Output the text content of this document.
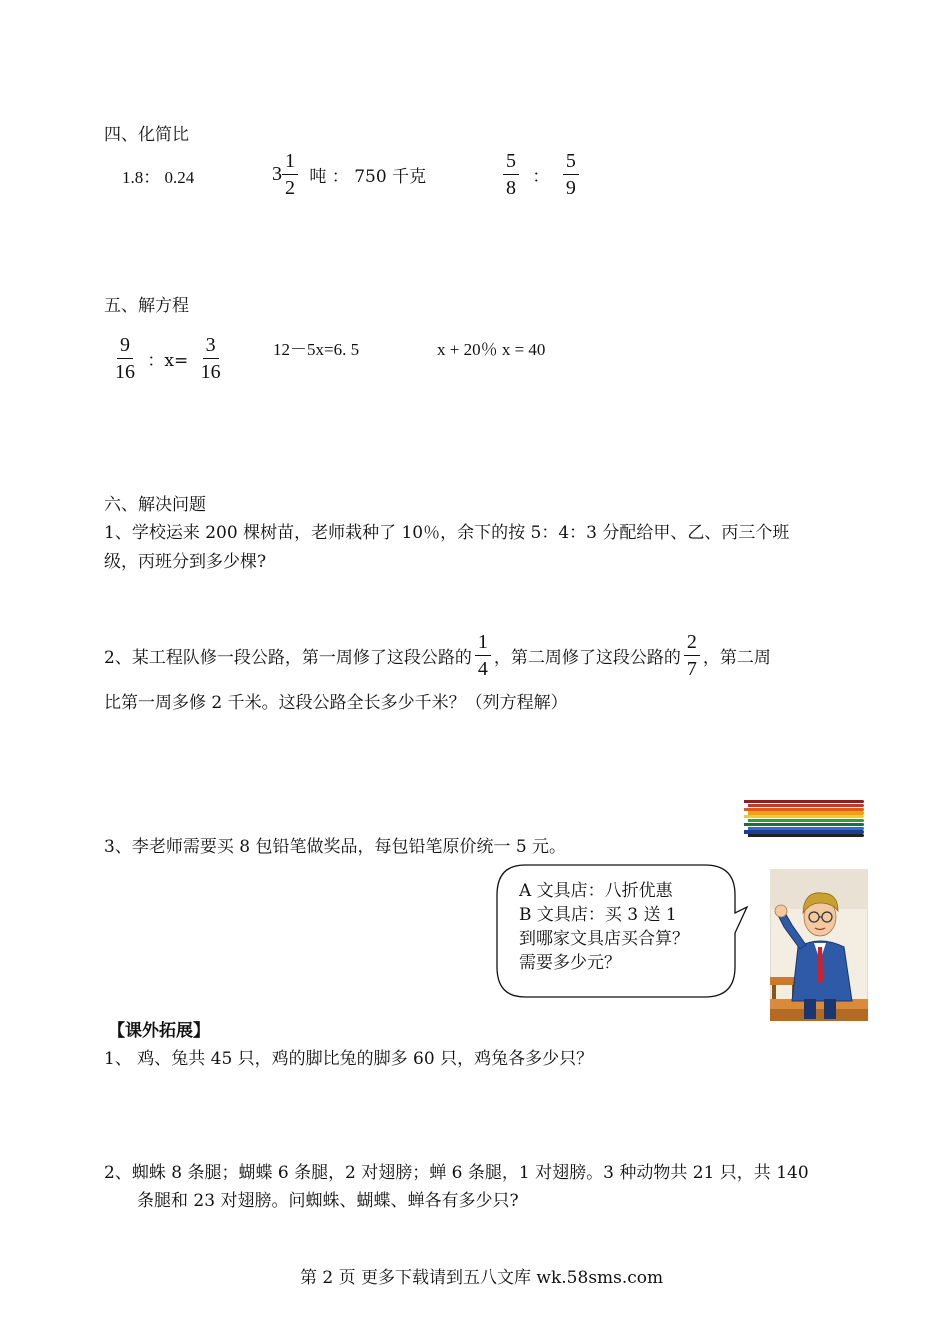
四、化简比
1.8： 0.24	$3 \frac{1}{2}$ 吨 ： 750 千克	$\frac{5}{8}$ ： $\frac{5}{9}$
五、解方程
$\frac{9}{16}$ ：$x= \frac{3}{16}$	12－5x=6. 5	x + 20％ x = 40
六、解决问题
1、学校运来 200 棵树苗，老师栽种了 10％，余下的按 5：4：3 分配给甲、乙、丙三个班
级，丙班分到多少棵?
2、某工程队修一段公路，第一周修了这段公路的 $\frac{1}{4}$ ，第二周修了这段公路的 $\frac{2}{7}$ ，第二周
比第一周多修 2 千米。这段公路全长多少千米？（列方程解）
3、李老师需要买 8 包铅笔做奖品，每包铅笔原价统一 5 元。
A 文具店：八折优惠
B 文具店：买 3 送 1
到哪家文具店买合算？
需要多少元？
【课外拓展】
1、 鸡、兔共 45 只，鸡的脚比兔的脚多 60 只，鸡兔各多少只？
2、蜘蛛 8 条腿；蝴蝶 6 条腿，2 对翅膀；蝉 6 条腿，1 对翅膀。3 种动物共 21 只，共 140
条腿和 23 对翅膀。问蜘蛛、蝴蝶、蝉各有多少只?
第 2 页 更多下载请到五八文库 wk.58sms.com
